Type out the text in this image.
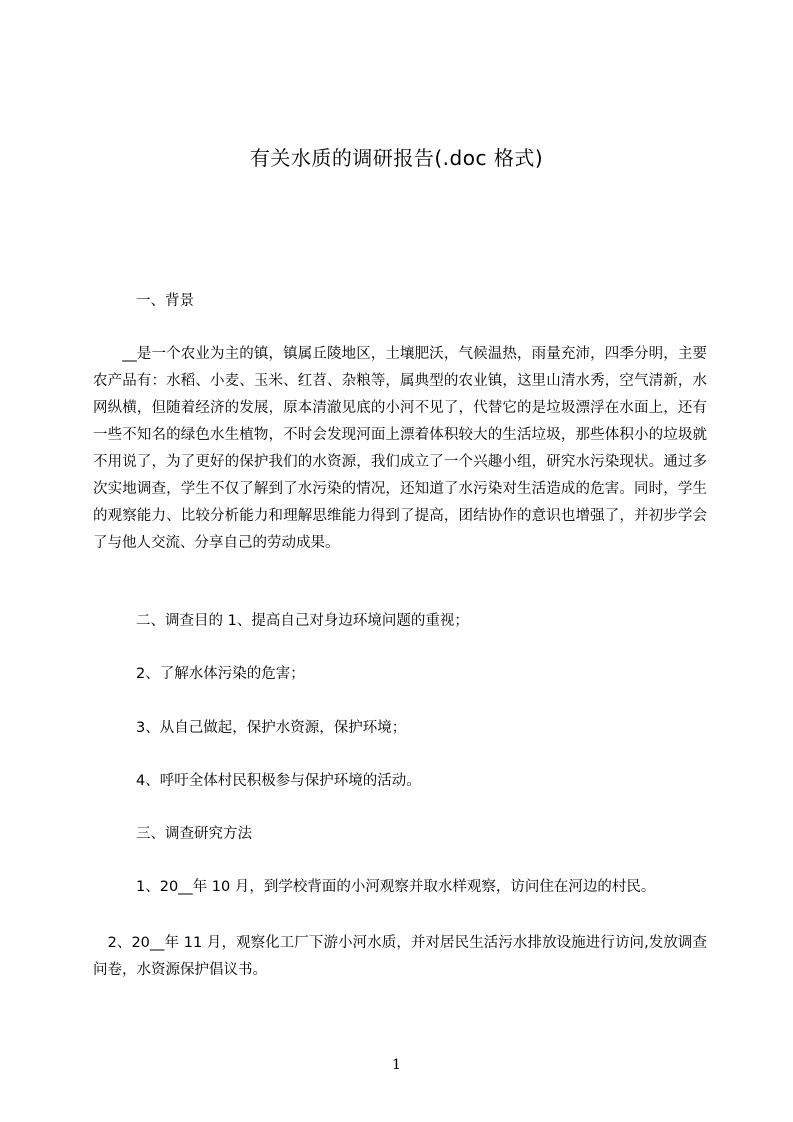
有关水质的调研报告(.doc 格式)
一、背景
　　__是一个农业为主的镇，镇属丘陵地区，土壤肥沃，气候温热，雨量充沛，四季分明，主要农产品有：水稻、小麦、玉米、红苕、杂粮等，属典型的农业镇，这里山清水秀，空气清新，水网纵横，但随着经济的发展，原本清澈见底的小河不见了，代替它的是垃圾漂浮在水面上，还有一些不知名的绿色水生植物，不时会发现河面上漂着体积较大的生活垃圾，那些体积小的垃圾就不用说了，为了更好的保护我们的水资源，我们成立了一个兴趣小组，研究水污染现状。通过多次实地调查，学生不仅了解到了水污染的情况，还知道了水污染对生活造成的危害。同时，学生的观察能力、比较分析能力和理解思维能力得到了提高，团结协作的意识也增强了，并初步学会了与他人交流、分享自己的劳动成果。
二、调查目的 1、提高自己对身边环境问题的重视；
2、了解水体污染的危害；
3、从自己做起，保护水资源，保护环境；
4、呼吁全体村民积极参与保护环境的活动。
三、调查研究方法
1、20__年 10 月，到学校背面的小河观察并取水样观察，访问住在河边的村民。
　2、20__年 11 月，观察化工厂下游小河水质，并对居民生活污水排放设施进行访问,发放调查问卷，水资源保护倡议书。
1
